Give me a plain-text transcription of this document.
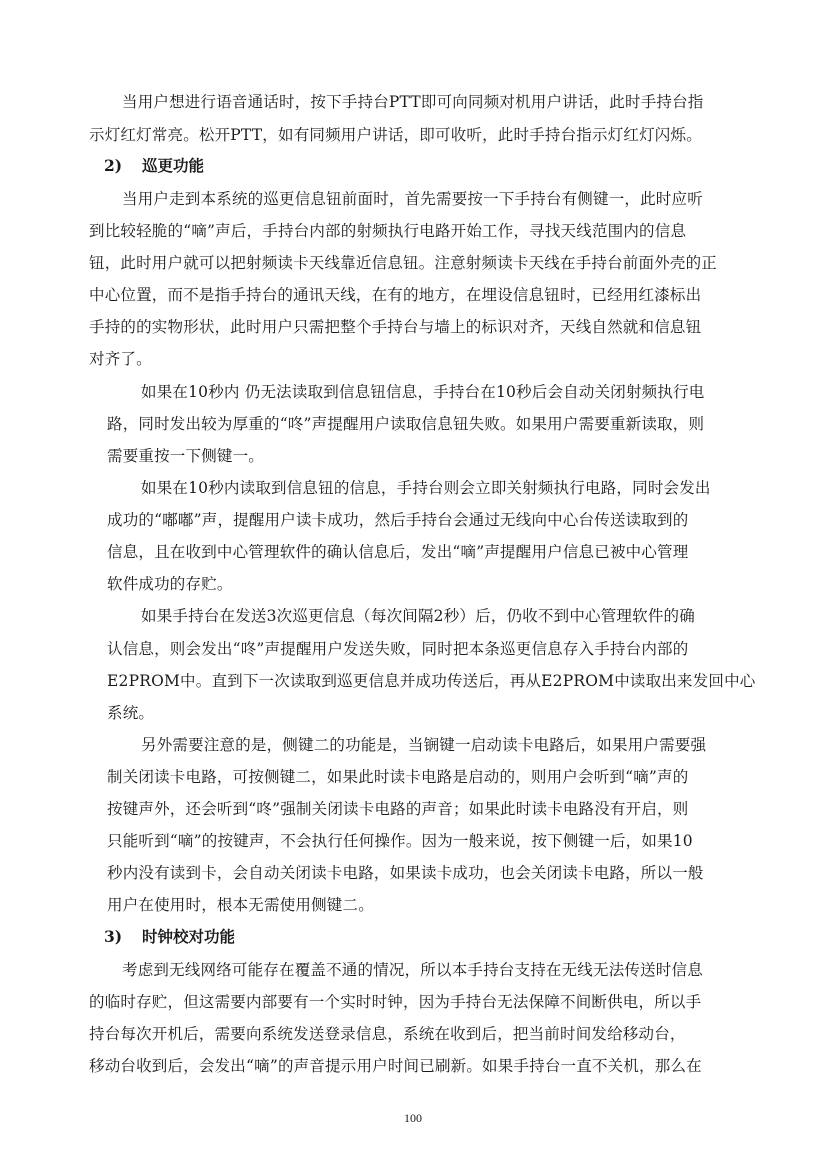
当用户想进行语音通话时，按下手持台PTT即可向同频对机用户讲话，此时手持台指
示灯红灯常亮。松开PTT，如有同频用户讲话，即可收听，此时手持台指示灯红灯闪烁。
2) 巡更功能
当用户走到本系统的巡更信息钮前面时，首先需要按一下手持台有侧键一，此时应听
到比较轻脆的“嘀”声后，手持台内部的射频执行电路开始工作，寻找天线范围内的信息
钮，此时用户就可以把射频读卡天线靠近信息钮。注意射频读卡天线在手持台前面外壳的正
中心位置，而不是指手持台的通讯天线，在有的地方，在埋设信息钮时，已经用红漆标出
手持的的实物形状，此时用户只需把整个手持台与墙上的标识对齐，天线自然就和信息钮
对齐了。
如果在10秒内 仍无法读取到信息钮信息，手持台在10秒后会自动关闭射频执行电
路，同时发出较为厚重的“咚”声提醒用户读取信息钮失败。如果用户需要重新读取，则
需要重按一下侧键一。
如果在10秒内读取到信息钮的信息，手持台则会立即关射频执行电路，同时会发出
成功的“嘟嘟”声，提醒用户读卡成功，然后手持台会通过无线向中心台传送读取到的
信息，且在收到中心管理软件的确认信息后，发出“嘀”声提醒用户信息已被中心管理
软件成功的存贮。
如果手持台在发送3次巡更信息（每次间隔2秒）后，仍收不到中心管理软件的确
认信息，则会发出“咚”声提醒用户发送失败，同时把本条巡更信息存入手持台内部的
E2PROM中。直到下一次读取到巡更信息并成功传送后，再从E2PROM中读取出来发回中心
系统。
另外需要注意的是，侧键二的功能是，当锎键一启动读卡电路后，如果用户需要强
制关闭读卡电路，可按侧键二，如果此时读卡电路是启动的，则用户会听到“嘀”声的
按键声外，还会听到“咚”强制关闭读卡电路的声音；如果此时读卡电路没有开启，则
只能听到“嘀”的按键声，不会执行任何操作。因为一般来说，按下侧键一后，如果10
秒内没有读到卡，会自动关闭读卡电路，如果读卡成功，也会关闭读卡电路，所以一般
用户在使用时，根本无需使用侧键二。
3) 时钟校对功能
考虑到无线网络可能存在覆盖不通的情况，所以本手持台支持在无线无法传送时信息
的临时存贮，但这需要内部要有一个实时时钟，因为手持台无法保障不间断供电，所以手
持台每次开机后，需要向系统发送登录信息，系统在收到后，把当前时间发给移动台，
移动台收到后，会发出“嘀”的声音提示用户时间已刷新。如果手持台一直不关机，那么在
100
